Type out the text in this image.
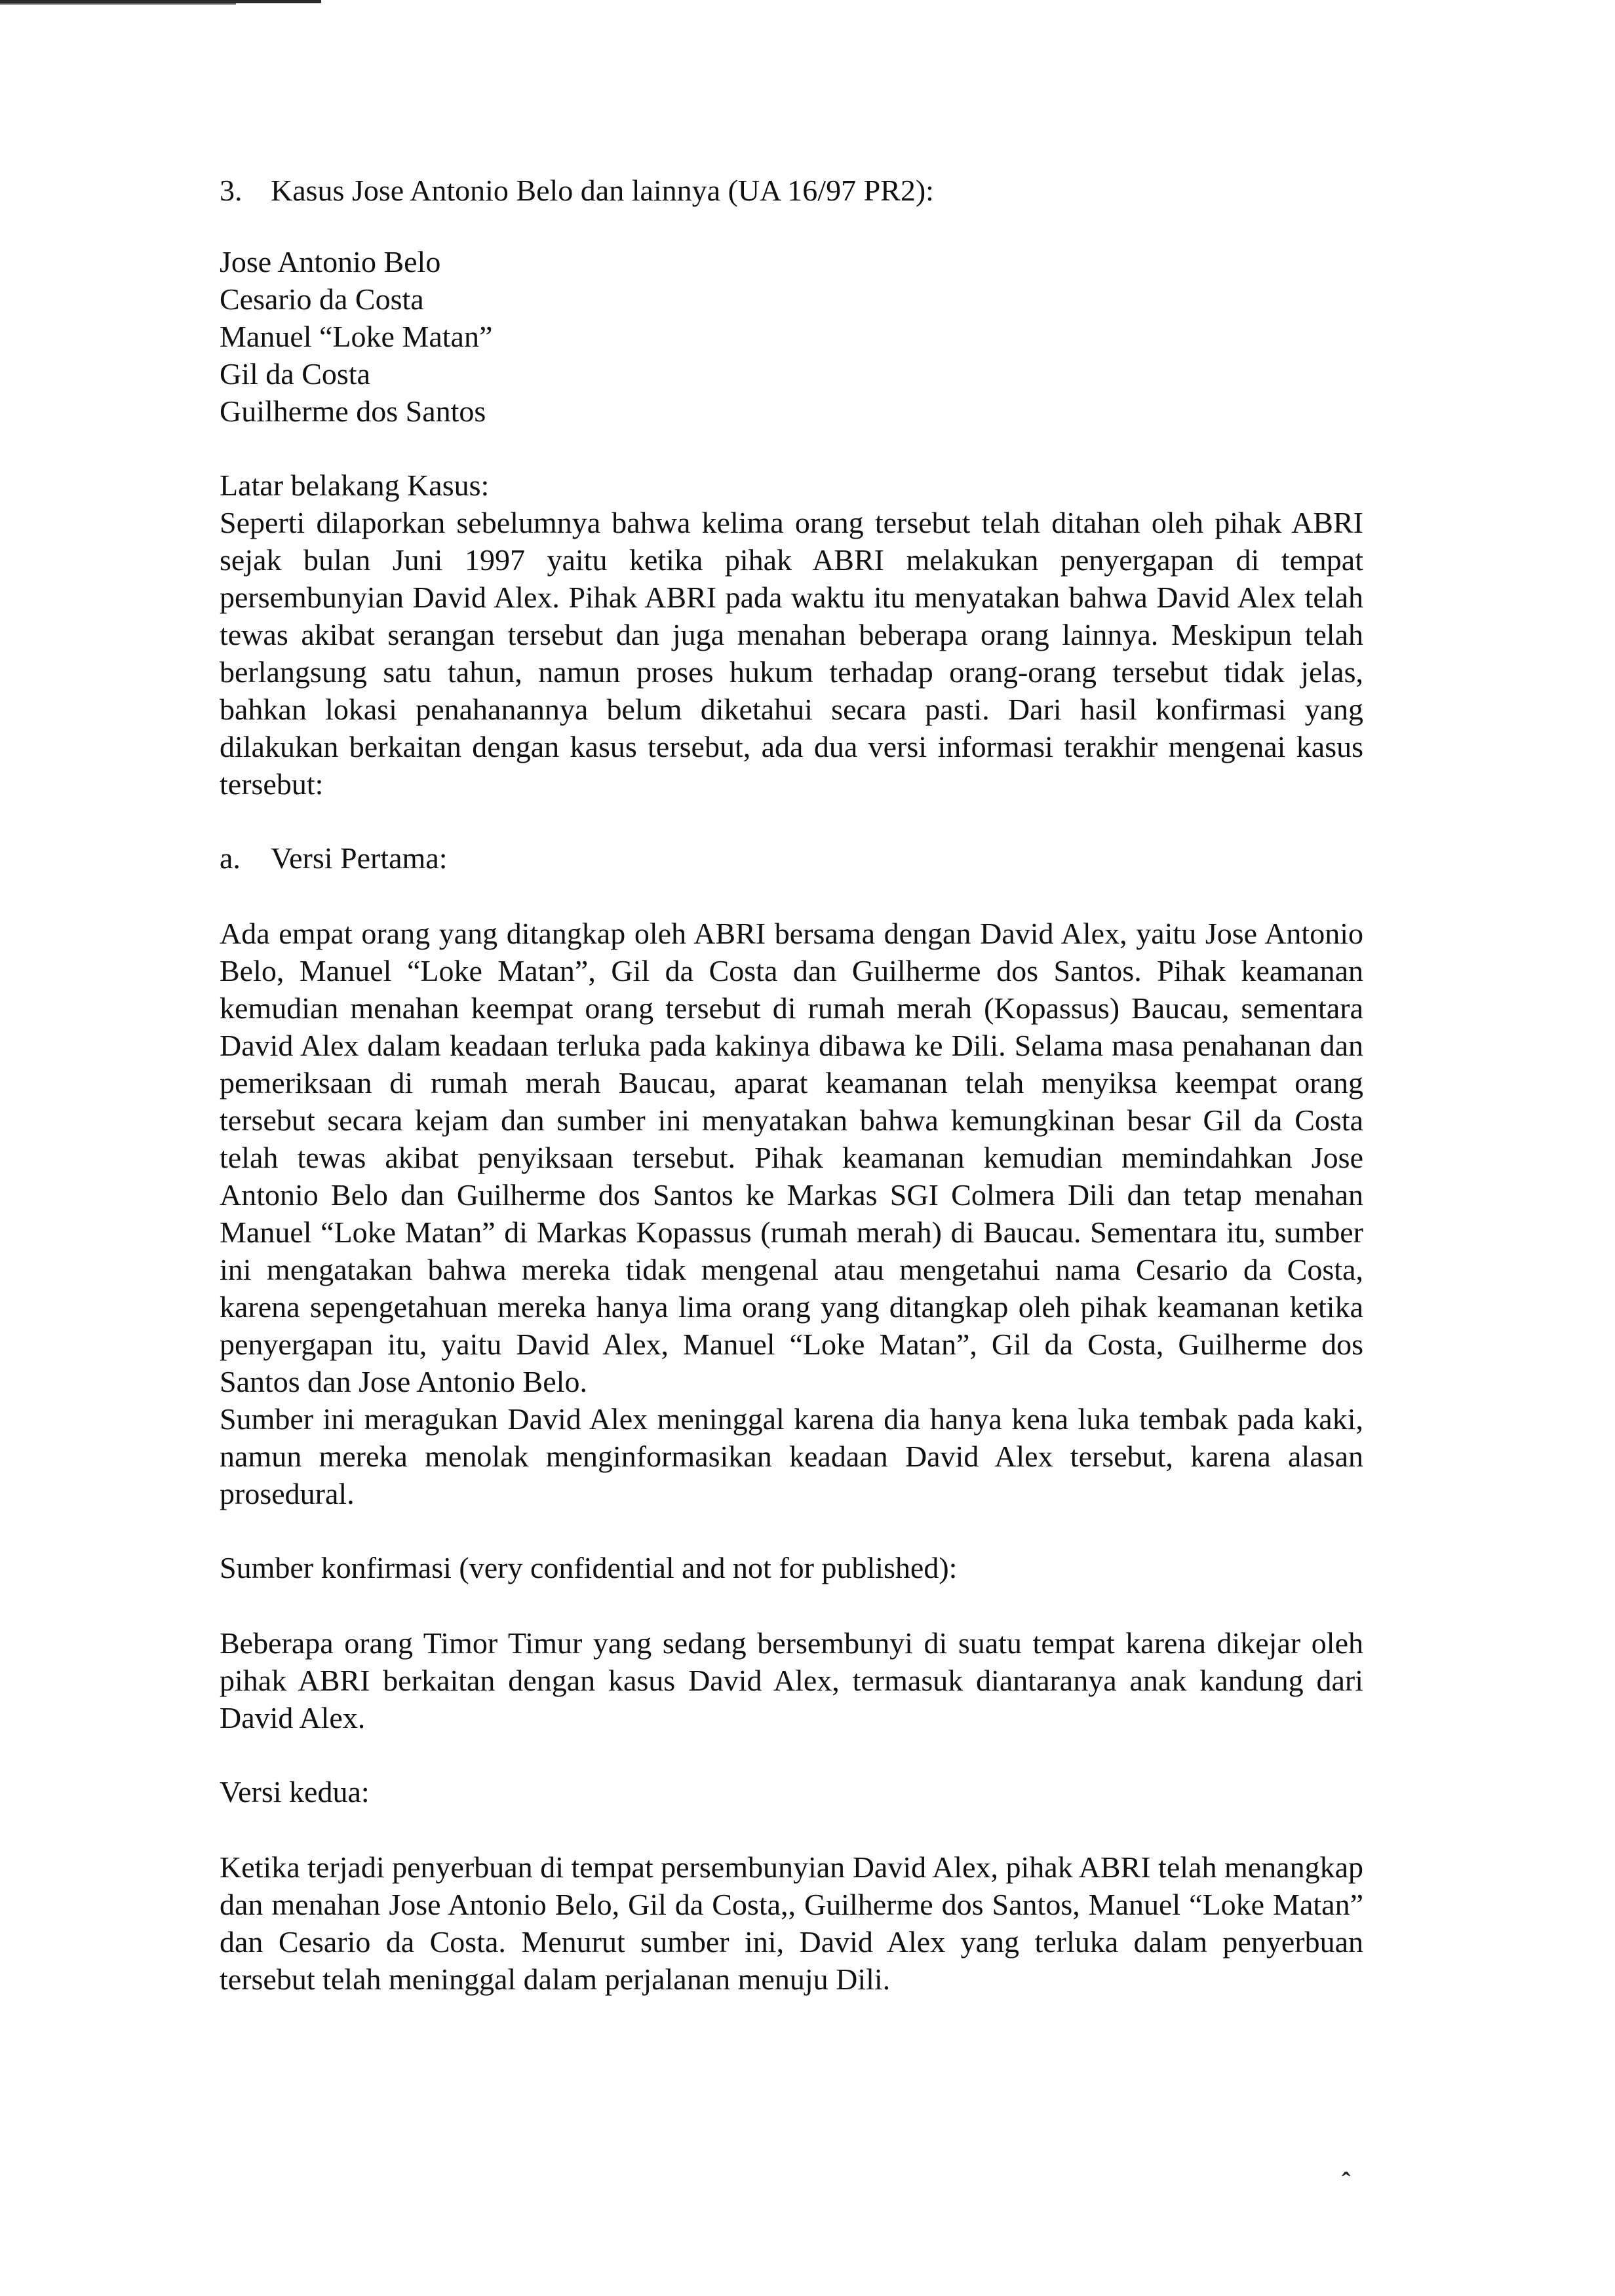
3. Kasus Jose Antonio Belo dan lainnya (UA 16/97 PR2):

Jose Antonio Belo
Cesario da Costa
Manuel “Loke Matan”
Gil da Costa
Guilherme dos Santos

Latar belakang Kasus:

Seperti dilaporkan sebelumnya bahwa kelima orang tersebut telah ditahan oleh pihak ABRI sejak bulan Juni 1997 yaitu ketika pihak ABRI melakukan penyergapan di tempat persembunyian David Alex. Pihak ABRI pada waktu itu menyatakan bahwa David Alex telah tewas akibat serangan tersebut dan juga menahan beberapa orang lainnya. Meskipun telah berlangsung satu tahun, namun proses hukum terhadap orang-orang tersebut tidak jelas, bahkan lokasi penahanannya belum diketahui secara pasti. Dari hasil konfirmasi yang dilakukan berkaitan dengan kasus tersebut, ada dua versi informasi terakhir mengenai kasus tersebut:

a. Versi Pertama:

Ada empat orang yang ditangkap oleh ABRI bersama dengan David Alex, yaitu Jose Antonio Belo, Manuel “Loke Matan”, Gil da Costa dan Guilherme dos Santos. Pihak keamanan kemudian menahan keempat orang tersebut di rumah merah (Kopassus) Baucau, sementara David Alex dalam keadaan terluka pada kakinya dibawa ke Dili. Selama masa penahanan dan pemeriksaan di rumah merah Baucau, aparat keamanan telah menyiksa keempat orang tersebut secara kejam dan sumber ini menyatakan bahwa kemungkinan besar Gil da Costa telah tewas akibat penyiksaan tersebut. Pihak keamanan kemudian memindahkan Jose Antonio Belo dan Guilherme dos Santos ke Markas SGI Colmera Dili dan tetap menahan Manuel “Loke Matan” di Markas Kopassus (rumah merah) di Baucau. Sementara itu, sumber ini mengatakan bahwa mereka tidak mengenal atau mengetahui nama Cesario da Costa, karena sepengetahuan mereka hanya lima orang yang ditangkap oleh pihak keamanan ketika penyergapan itu, yaitu David Alex, Manuel “Loke Matan”, Gil da Costa, Guilherme dos Santos dan Jose Antonio Belo.

Sumber ini meragukan David Alex meninggal karena dia hanya kena luka tembak pada kaki, namun mereka menolak menginformasikan keadaan David Alex tersebut, karena alasan prosedural.

Sumber konfirmasi (very confidential and not for published):

Beberapa orang Timor Timur yang sedang bersembunyi di suatu tempat karena dikejar oleh pihak ABRI berkaitan dengan kasus David Alex, termasuk diantaranya anak kandung dari David Alex.

Versi kedua:

Ketika terjadi penyerbuan di tempat persembunyian David Alex, pihak ABRI telah menangkap dan menahan Jose Antonio Belo, Gil da Costa,, Guilherme dos Santos, Manuel “Loke Matan” dan Cesario da Costa. Menurut sumber ini, David Alex yang terluka dalam penyerbuan tersebut telah meninggal dalam perjalanan menuju Dili.

ˆ
